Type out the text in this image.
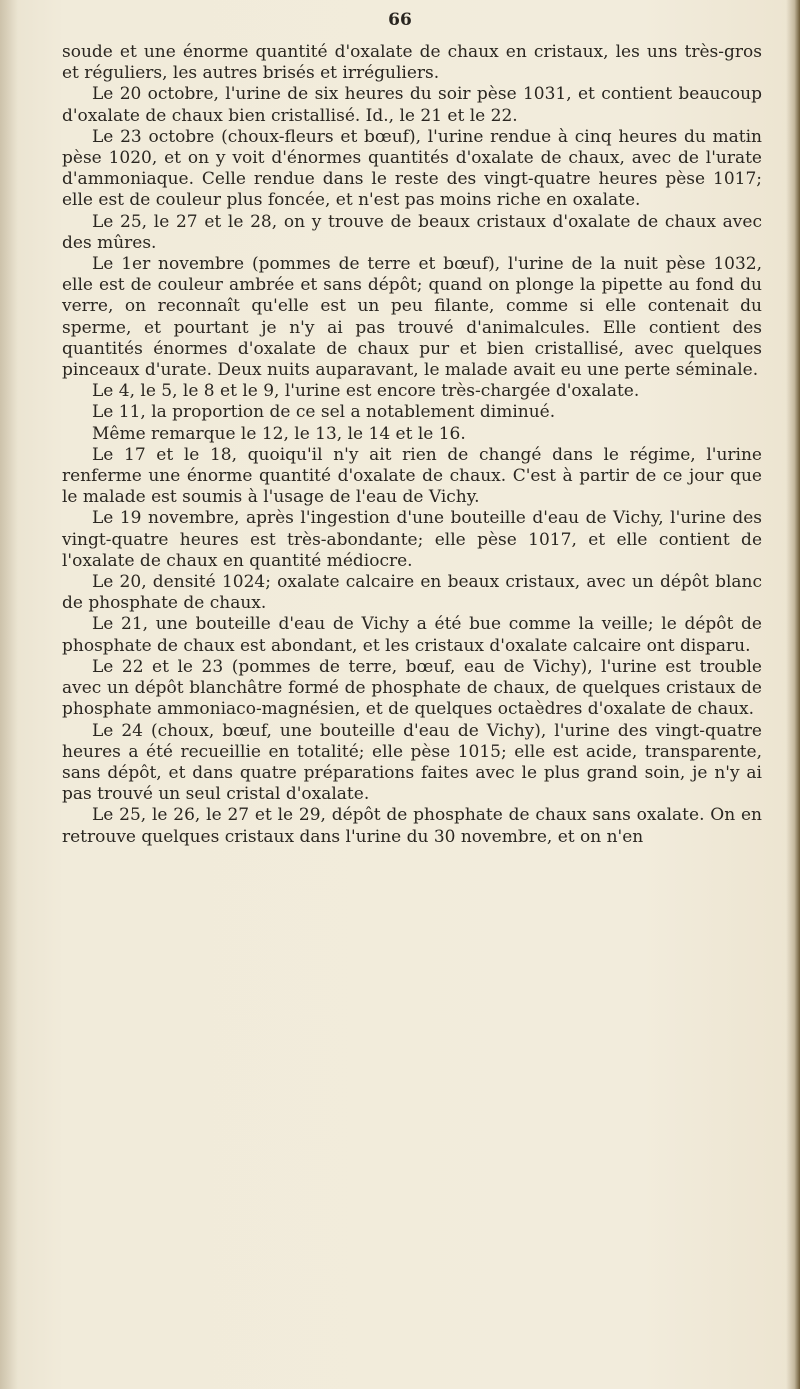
66

soude et une énorme quantité d'oxalate de chaux en cristaux, les uns très-gros et réguliers, les autres brisés et irréguliers.

Le 20 octobre, l'urine de six heures du soir pèse 1031, et contient beaucoup d'oxalate de chaux bien cristallisé. Id., le 21 et le 22.

Le 23 octobre (choux-fleurs et bœuf), l'urine rendue à cinq heures du matin pèse 1020, et on y voit d'énormes quantités d'oxalate de chaux, avec de l'urate d'ammoniaque. Celle rendue dans le reste des vingt-quatre heures pèse 1017; elle est de couleur plus foncée, et n'est pas moins riche en oxalate.

Le 25, le 27 et le 28, on y trouve de beaux cristaux d'oxalate de chaux avec des mûres.

Le 1er novembre (pommes de terre et bœuf), l'urine de la nuit pèse 1032, elle est de couleur ambrée et sans dépôt; quand on plonge la pipette au fond du verre, on reconnaît qu'elle est un peu filante, comme si elle contenait du sperme, et pourtant je n'y ai pas trouvé d'animalcules. Elle contient des quantités énormes d'oxalate de chaux pur et bien cristallisé, avec quelques pinceaux d'urate. Deux nuits auparavant, le malade avait eu une perte séminale.

Le 4, le 5, le 8 et le 9, l'urine est encore très-chargée d'oxalate.

Le 11, la proportion de ce sel a notablement diminué.

Même remarque le 12, le 13, le 14 et le 16.

Le 17 et le 18, quoiqu'il n'y ait rien de changé dans le régime, l'urine renferme une énorme quantité d'oxalate de chaux. C'est à partir de ce jour que le malade est soumis à l'usage de l'eau de Vichy.

Le 19 novembre, après l'ingestion d'une bouteille d'eau de Vichy, l'urine des vingt-quatre heures est très-abondante; elle pèse 1017, et elle contient de l'oxalate de chaux en quantité médiocre.

Le 20, densité 1024; oxalate calcaire en beaux cristaux, avec un dépôt blanc de phosphate de chaux.

Le 21, une bouteille d'eau de Vichy a été bue comme la veille; le dépôt de phosphate de chaux est abondant, et les cristaux d'oxalate calcaire ont disparu.

Le 22 et le 23 (pommes de terre, bœuf, eau de Vichy), l'urine est trouble avec un dépôt blanchâtre formé de phosphate de chaux, de quelques cristaux de phosphate ammoniaco-magnésien, et de quelques octaèdres d'oxalate de chaux.

Le 24 (choux, bœuf, une bouteille d'eau de Vichy), l'urine des vingt-quatre heures a été recueillie en totalité; elle pèse 1015; elle est acide, transparente, sans dépôt, et dans quatre préparations faites avec le plus grand soin, je n'y ai pas trouvé un seul cristal d'oxalate.

Le 25, le 26, le 27 et le 29, dépôt de phosphate de chaux sans oxalate. On en retrouve quelques cristaux dans l'urine du 30 novembre, et on n'en
